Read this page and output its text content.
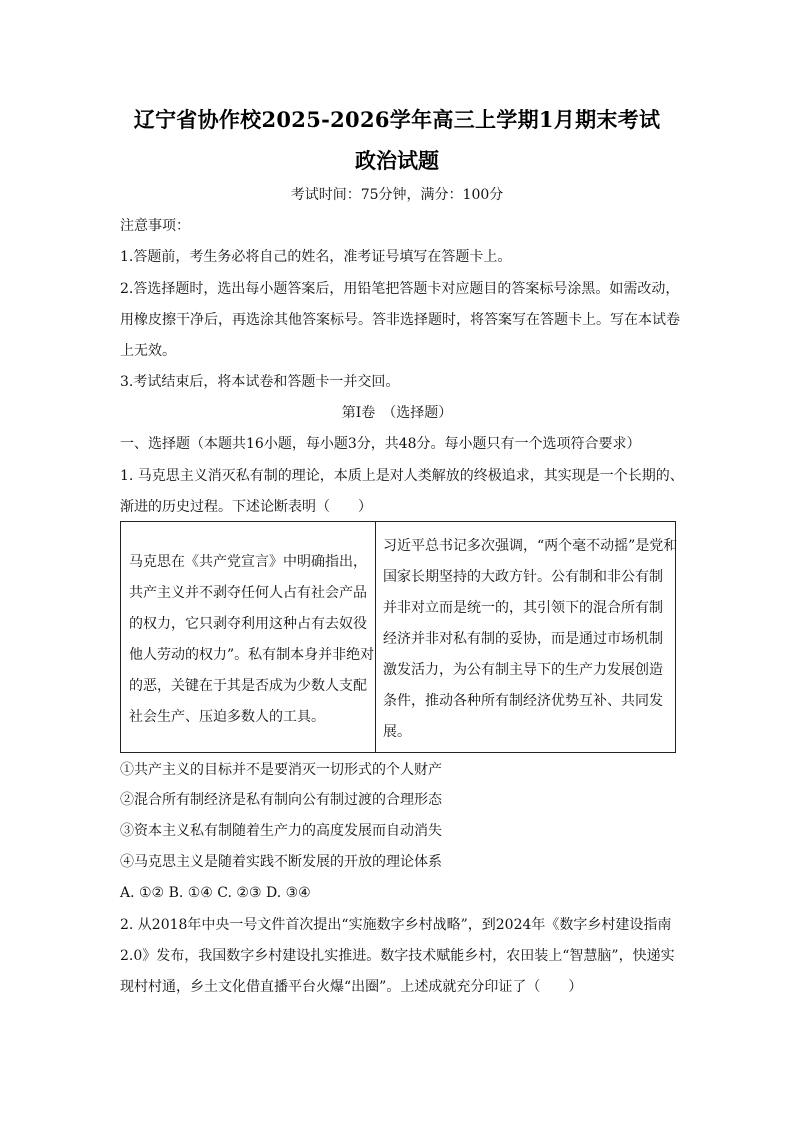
辽宁省协作校2025-2026学年高三上学期1月期末考试
政治试题
考试时间：75分钟，满分：100分
注意事项：
1.答题前，考生务必将自己的姓名，准考证号填写在答题卡上。
2.答选择题时，选出每小题答案后，用铅笔把答题卡对应题目的答案标号涂黑。如需改动，
用橡皮擦干净后，再选涂其他答案标号。答非选择题时，将答案写在答题卡上。写在本试卷
上无效。
3.考试结束后，将本试卷和答题卡一并交回。
第Ⅰ卷　（选择题）
一、选择题（本题共16小题，每小题3分，共48分。每小题只有一个选项符合要求）
1. 马克思主义消灭私有制的理论，本质上是对人类解放的终极追求，其实现是一个长期的、
渐进的历史过程。下述论断表明（　　）
马克思在《共产党宣言》中明确指出，
共产主义并不剥夺任何人占有社会产品
的权力，它只剥夺利用这种占有去奴役
他人劳动的权力”。私有制本身并非绝对
的恶，关键在于其是否成为少数人支配
社会生产、压迫多数人的工具。
习近平总书记多次强调，“两个毫不动摇”是党和
国家长期坚持的大政方针。公有制和非公有制
并非对立而是统一的，其引领下的混合所有制
经济并非对私有制的妥协，而是通过市场机制
激发活力，为公有制主导下的生产力发展创造
条件，推动各种所有制经济优势互补、共同发
展。
①共产主义的目标并不是要消灭一切形式的个人财产
②混合所有制经济是私有制向公有制过渡的合理形态
③资本主义私有制随着生产力的高度发展而自动消失
④马克思主义是随着实践不断发展的开放的理论体系
A. ①② B. ①④ C. ②③ D. ③④
2. 从2018年中央一号文件首次提出“实施数字乡村战略”，到2024年《数字乡村建设指南
2.0》发布，我国数字乡村建设扎实推进。数字技术赋能乡村，农田装上“智慧脑”，快递实
现村村通，乡土文化借直播平台火爆“出圈”。上述成就充分印证了（　　）
